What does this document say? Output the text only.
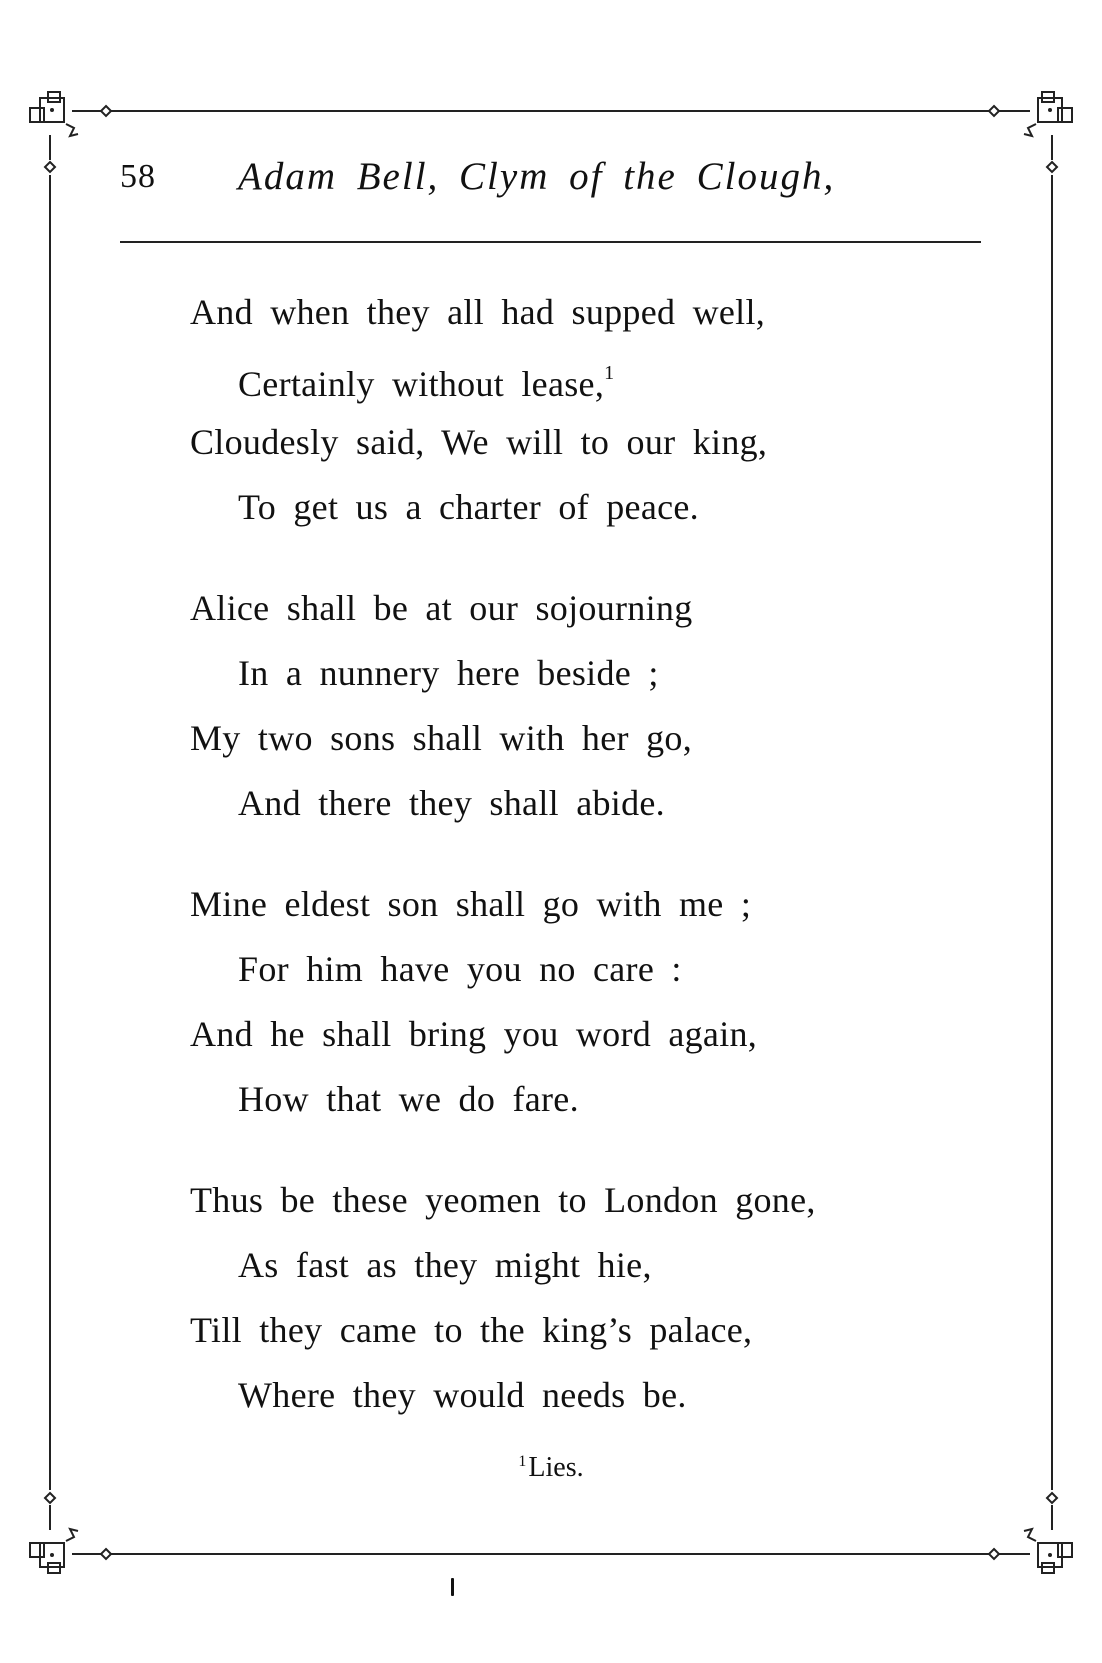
58 Adam Bell, Clym of the Clough,
And when they all had supped well,
Certainly without lease,$^1$
Cloudesly said, We will to our king,
To get us a charter of peace.
Alice shall be at our sojourning
In a nunnery here beside ;
My two sons shall with her go,
And there they shall abide.
Mine eldest son shall go with me ;
For him have you no care :
And he shall bring you word again,
How that we do fare.
Thus be these yeomen to London gone,
As fast as they might hie,
Till they came to the king’s palace,
Where they would needs be.
$^1$Lies.
